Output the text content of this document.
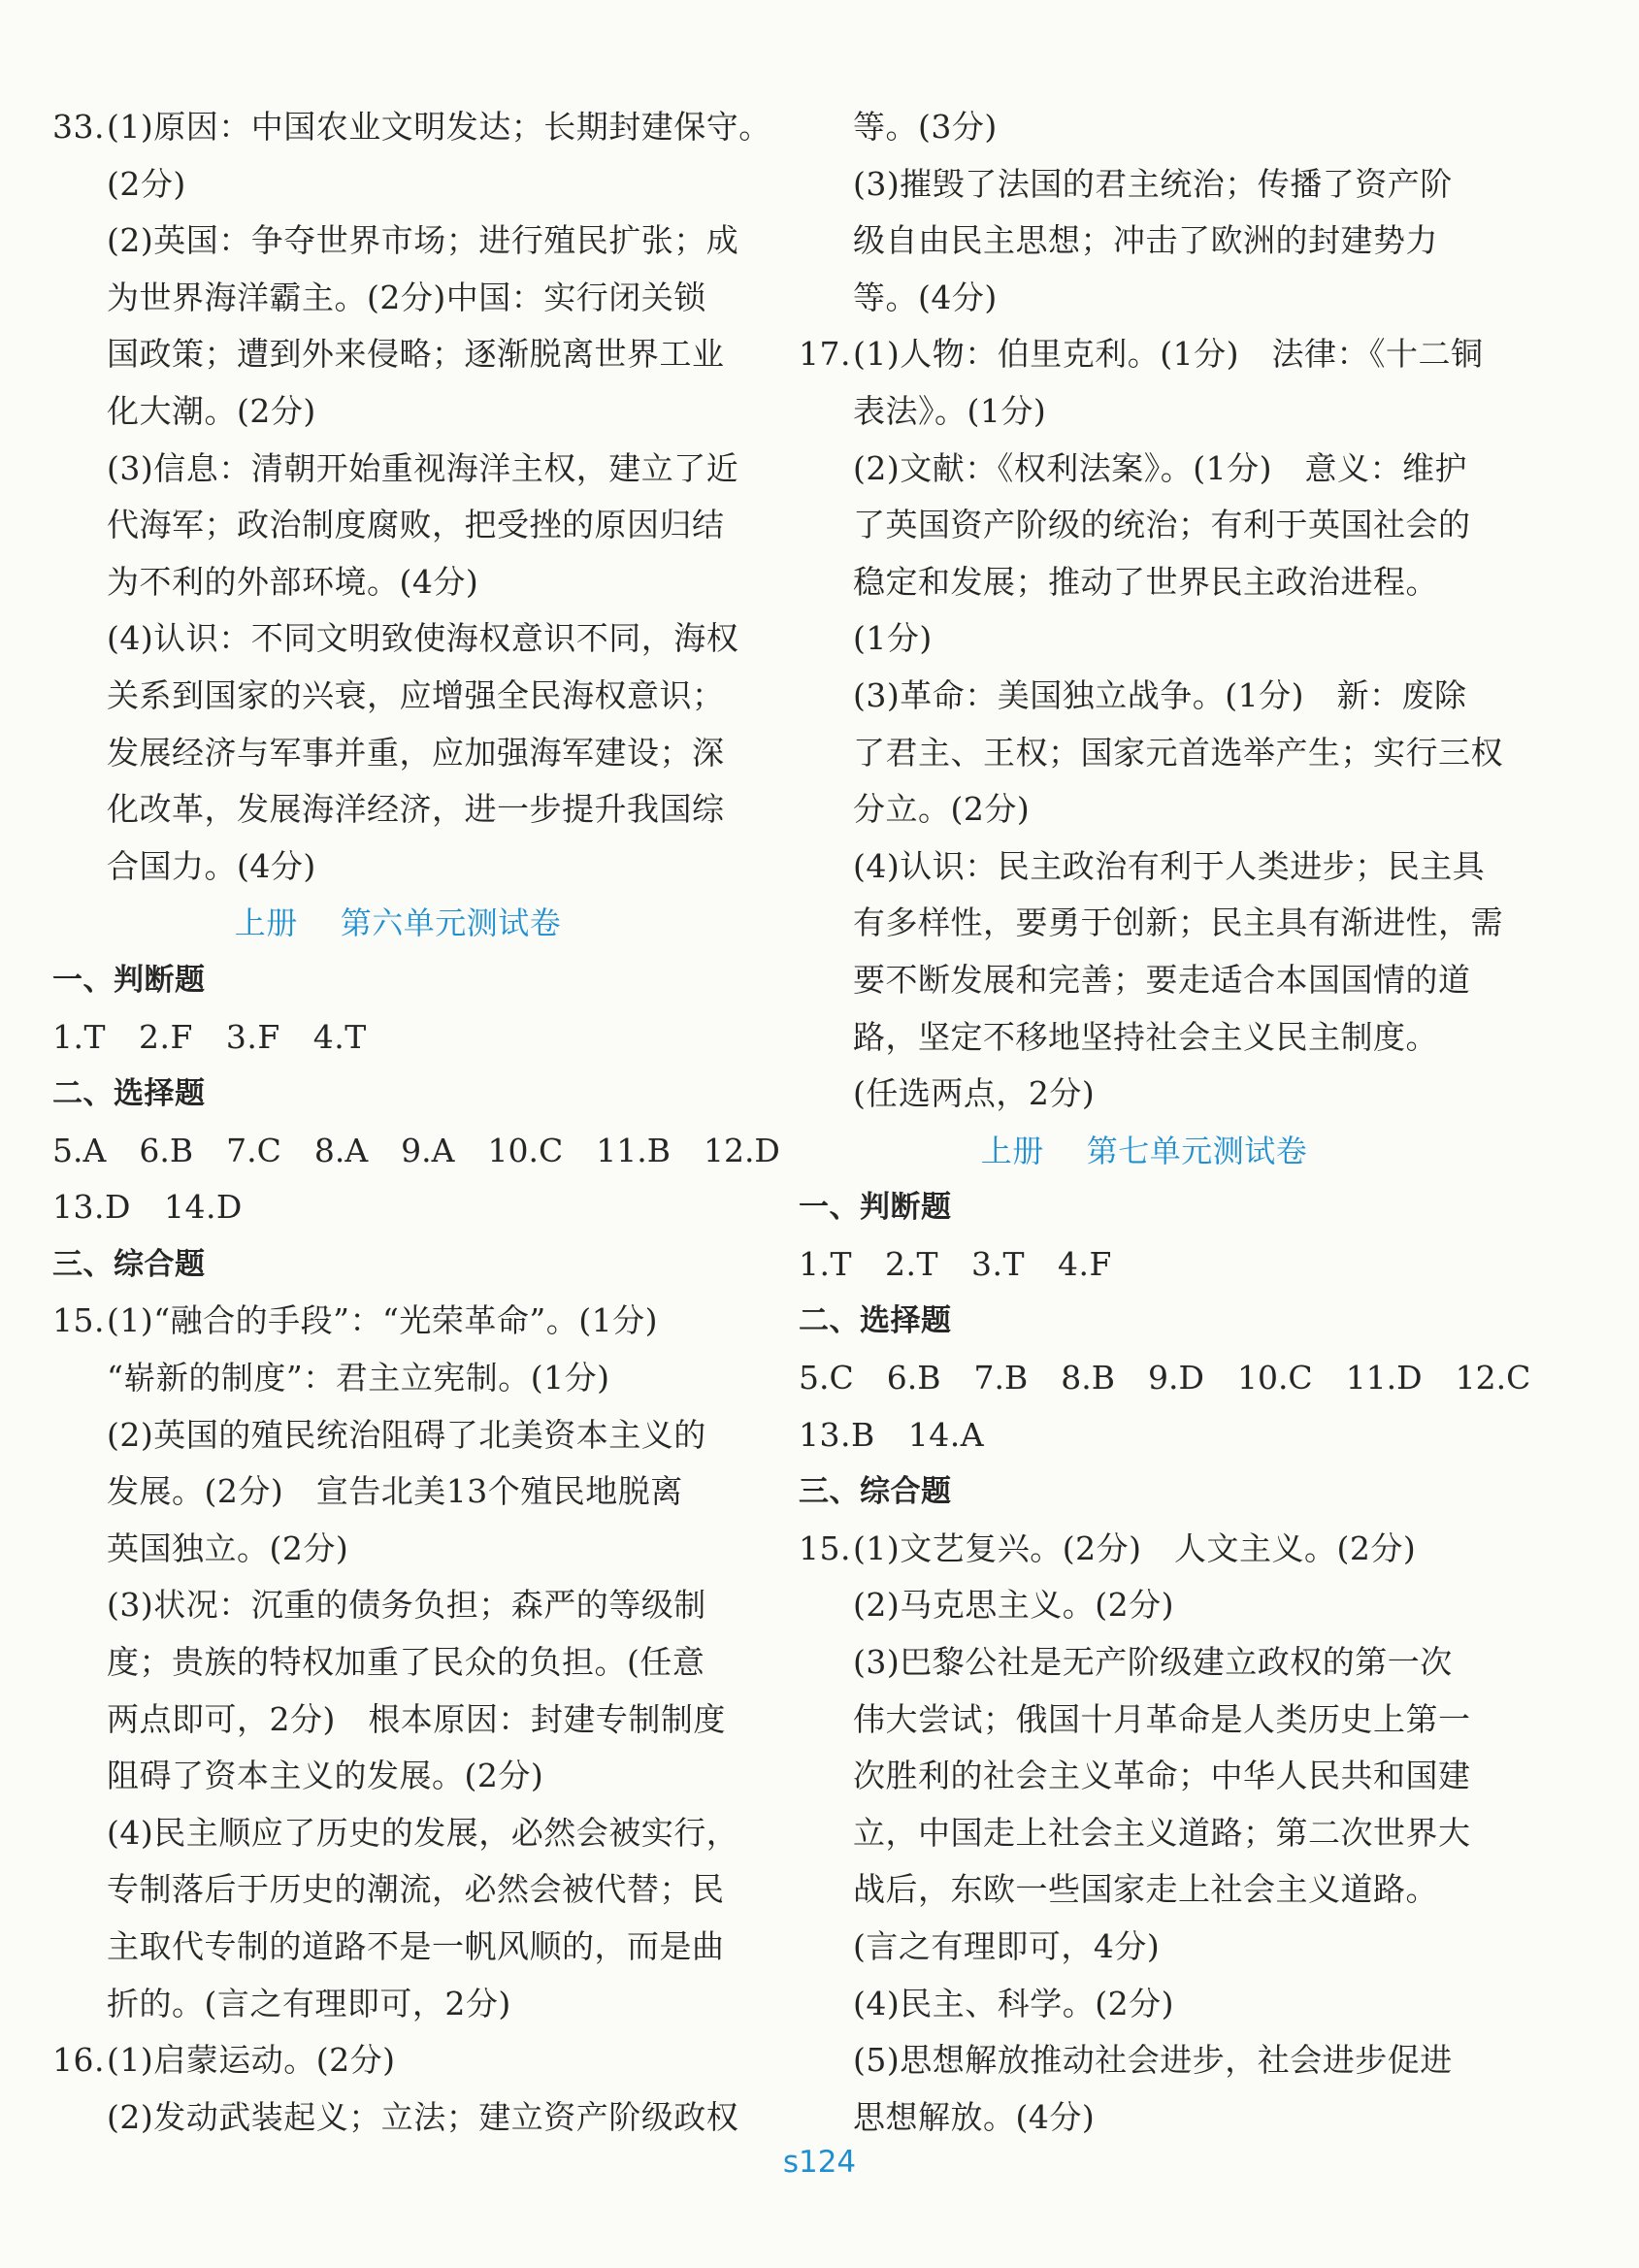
33.(1)原因：中国农业文明发达；长期封建保守。
(2分)
(2)英国：争夺世界市场；进行殖民扩张；成
为世界海洋霸主。(2分)中国：实行闭关锁
国政策；遭到外来侵略；逐渐脱离世界工业
化大潮。(2分)
(3)信息：清朝开始重视海洋主权，建立了近
代海军；政治制度腐败，把受挫的原因归结
为不利的外部环境。(4分)
(4)认识：不同文明致使海权意识不同，海权
关系到国家的兴衰，应增强全民海权意识；
发展经济与军事并重，应加强海军建设；深
化改革，发展海洋经济，进一步提升我国综
合国力。(4分)
上册 第六单元测试卷
一、判断题
1.T 2.F 3.F 4.T
二、选择题
5.A 6.B 7.C 8.A 9.A 10.C 11.B 12.D
13.D 14.D
三、综合题
15.(1)“融合的手段”：“光荣革命”。(1分)
“崭新的制度”：君主立宪制。(1分)
(2)英国的殖民统治阻碍了北美资本主义的
发展。(2分)　宣告北美13个殖民地脱离
英国独立。(2分)
(3)状况：沉重的债务负担；森严的等级制
度；贵族的特权加重了民众的负担。(任意
两点即可，2分)　根本原因：封建专制制度
阻碍了资本主义的发展。(2分)
(4)民主顺应了历史的发展，必然会被实行，
专制落后于历史的潮流，必然会被代替；民
主取代专制的道路不是一帆风顺的，而是曲
折的。(言之有理即可，2分)
16.(1)启蒙运动。(2分)
(2)发动武装起义；立法；建立资产阶级政权
等。(3分)
(3)摧毁了法国的君主统治；传播了资产阶
级自由民主思想；冲击了欧洲的封建势力
等。(4分)
17.(1)人物：伯里克利。(1分)　法律：《十二铜
表法》。(1分)
(2)文献：《权利法案》。(1分)　意义：维护
了英国资产阶级的统治；有利于英国社会的
稳定和发展；推动了世界民主政治进程。
(1分)
(3)革命：美国独立战争。(1分)　新：废除
了君主、王权；国家元首选举产生；实行三权
分立。(2分)
(4)认识：民主政治有利于人类进步；民主具
有多样性，要勇于创新；民主具有渐进性，需
要不断发展和完善；要走适合本国国情的道
路，坚定不移地坚持社会主义民主制度。
(任选两点，2分)
上册 第七单元测试卷
一、判断题
1.T 2.T 3.T 4.F
二、选择题
5.C 6.B 7.B 8.B 9.D 10.C 11.D 12.C
13.B 14.A
三、综合题
15.(1)文艺复兴。(2分)　人文主义。(2分)
(2)马克思主义。(2分)
(3)巴黎公社是无产阶级建立政权的第一次
伟大尝试；俄国十月革命是人类历史上第一
次胜利的社会主义革命；中华人民共和国建
立，中国走上社会主义道路；第二次世界大
战后，东欧一些国家走上社会主义道路。
(言之有理即可，4分)
(4)民主、科学。(2分)
(5)思想解放推动社会进步，社会进步促进
思想解放。(4分)
s124
